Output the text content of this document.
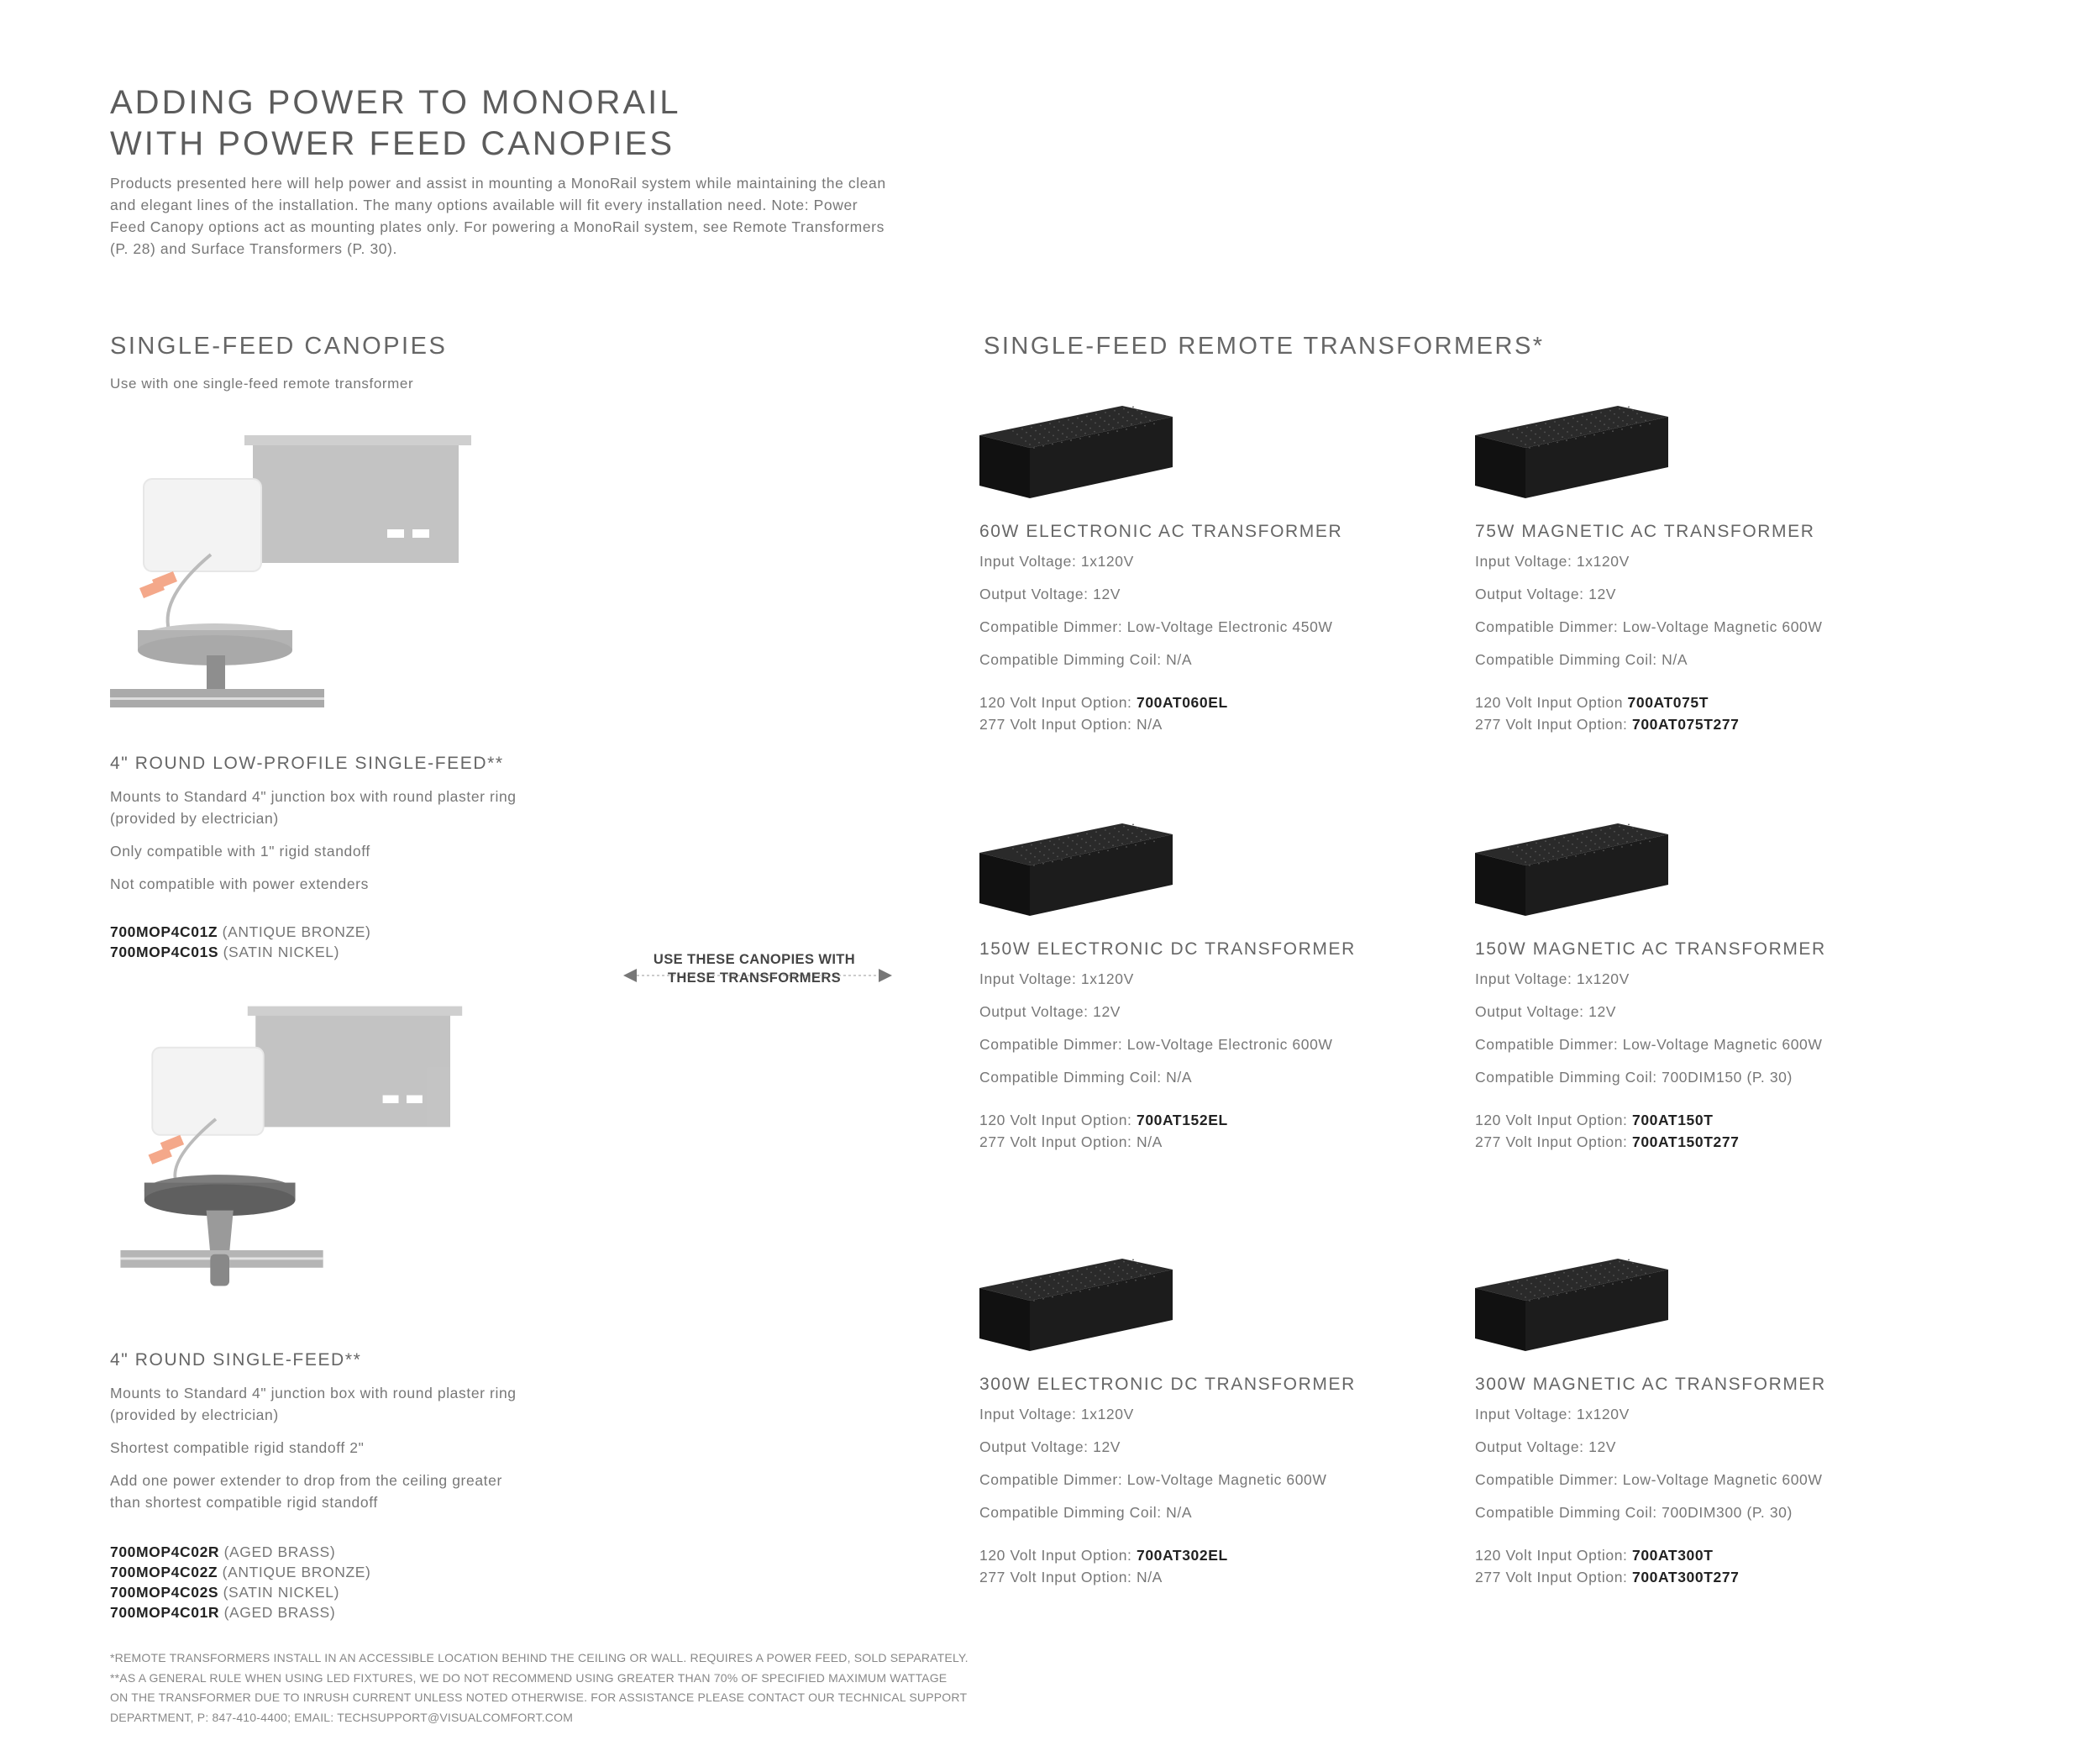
ADDING POWER TO MONORAIL
WITH POWER FEED CANOPIES
Products presented here will help power and assist in mounting a MonoRail system while maintaining the clean
and elegant lines of the installation. The many options available will fit every installation need. Note: Power
Feed Canopy options act as mounting plates only. For powering a MonoRail system, see Remote Transformers
(P. 28) and Surface Transformers (P. 30).
SINGLE-FEED CANOPIES
Use with one single-feed remote transformer
4" ROUND LOW-PROFILE SINGLE-FEED**
Mounts to Standard 4" junction box with round plaster ring
(provided by electrician)
Only compatible with 1" rigid standoff
Not compatible with power extenders
700MOP4C01Z (ANTIQUE BRONZE)
700MOP4C01S (SATIN NICKEL)
4" ROUND SINGLE-FEED**
Mounts to Standard 4" junction box with round plaster ring
(provided by electrician)
Shortest compatible rigid standoff 2"
Add one power extender to drop from the ceiling greater
than shortest compatible rigid standoff
700MOP4C02R (AGED BRASS)
700MOP4C02Z (ANTIQUE BRONZE)
700MOP4C02S (SATIN NICKEL)
700MOP4C01R (AGED BRASS)
USE THESE CANOPIES WITH
THESE TRANSFORMERS
SINGLE-FEED REMOTE TRANSFORMERS*
60W ELECTRONIC AC TRANSFORMER
Input Voltage: 1x120V
Output Voltage: 12V
Compatible Dimmer: Low-Voltage Electronic 450W
Compatible Dimming Coil: N/A
120 Volt Input Option: 700AT060EL
277 Volt Input Option: N/A
75W MAGNETIC AC TRANSFORMER
Input Voltage: 1x120V
Output Voltage: 12V
Compatible Dimmer: Low-Voltage Magnetic 600W
Compatible Dimming Coil: N/A
120 Volt Input Option 700AT075T
277 Volt Input Option: 700AT075T277
150W ELECTRONIC DC TRANSFORMER
Input Voltage: 1x120V
Output Voltage: 12V
Compatible Dimmer: Low-Voltage Electronic 600W
Compatible Dimming Coil: N/A
120 Volt Input Option: 700AT152EL
277 Volt Input Option: N/A
150W MAGNETIC AC TRANSFORMER
Input Voltage: 1x120V
Output Voltage: 12V
Compatible Dimmer: Low-Voltage Magnetic 600W
Compatible Dimming Coil: 700DIM150 (P. 30)
120 Volt Input Option: 700AT150T
277 Volt Input Option: 700AT150T277
300W ELECTRONIC DC TRANSFORMER
Input Voltage: 1x120V
Output Voltage: 12V
Compatible Dimmer: Low-Voltage Magnetic 600W
Compatible Dimming Coil: N/A
120 Volt Input Option: 700AT302EL
277 Volt Input Option: N/A
300W MAGNETIC AC TRANSFORMER
Input Voltage: 1x120V
Output Voltage: 12V
Compatible Dimmer: Low-Voltage Magnetic 600W
Compatible Dimming Coil: 700DIM300 (P. 30)
120 Volt Input Option: 700AT300T
277 Volt Input Option: 700AT300T277
*REMOTE TRANSFORMERS INSTALL IN AN ACCESSIBLE LOCATION BEHIND THE CEILING OR WALL. REQUIRES A POWER FEED, SOLD SEPARATELY.
**AS A GENERAL RULE WHEN USING LED FIXTURES, WE DO NOT RECOMMEND USING GREATER THAN 70% OF SPECIFIED MAXIMUM WATTAGE
ON THE TRANSFORMER DUE TO INRUSH CURRENT UNLESS NOTED OTHERWISE. FOR ASSISTANCE PLEASE CONTACT OUR TECHNICAL SUPPORT
DEPARTMENT, P: 847-410-4400; EMAIL: TECHSUPPORT@VISUALCOMFORT.COM
